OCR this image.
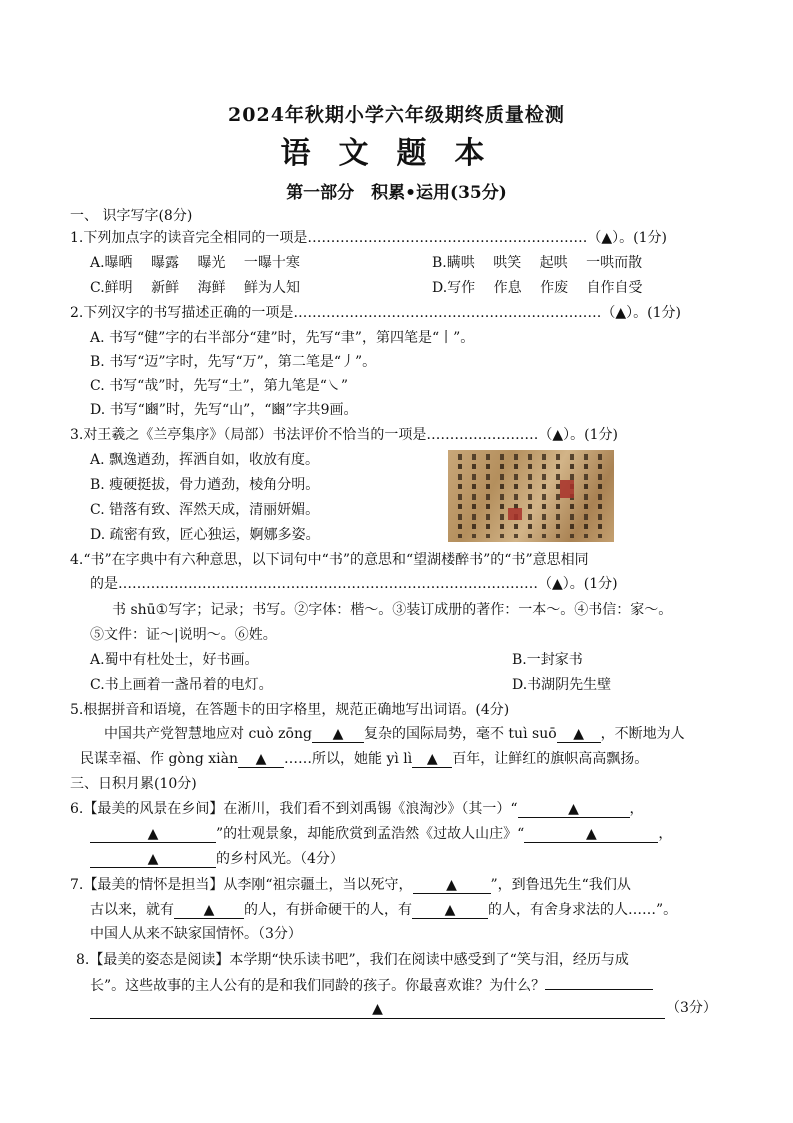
2024年秋期小学六年级期终质量检测
语文题本
第一部分　积累•运用(35分)
一、 识字写字(8分)
1.下列加点字的读音完全相同的一项是……………………………………………………（▲）。(1分)
A.曝晒　 曝露　 曝光　 一曝十寒	B.瞒哄　 哄笑　 起哄　 一哄而散
C.鲜明　 新鲜　 海鲜　 鲜为人知	D.写作　 作息　 作废　 自作自受
2.下列汉字的书写描述正确的一项是…………………………………………………………（▲）。(1分)
A. 书写“健”字的右半部分“建”时，先写“聿”，第四笔是“丨”。
B. 书写“迈”字时，先写“万”，第二笔是“丿”。
C. 书写“哉”时，先写“土”，第九笔是“㇏”
D. 书写“豳”时，先写“山”，“豳”字共9画。
3.对王羲之《兰亭集序》（局部）书法评价不恰当的一项是……………………（▲）。(1分)
A. 飘逸遒劲，挥洒自如，收放有度。
B. 瘦硬挺拔，骨力遒劲，棱角分明。
C. 错落有致、浑然天成，清丽妍媚。
D. 疏密有致，匠心独运，婀娜多姿。
4.“书”在字典中有六种意思，以下词句中“书”的意思和“望湖楼醉书”的“书”意思相同
的是………………………………………………………………………………（▲）。(1分)
书 shū①写字；记录；书写。②字体：楷～。③装订成册的著作：一本～。④书信：家～。
⑤文件：证～|说明～。⑥姓。
A.蜀中有杜处士，好书画。	B.一封家书
C.书上画着一盏吊着的电灯。	D.书湖阴先生壁
5.根据拼音和语境，在答题卡的田字格里，规范正确地写出词语。(4分)
中国共产党智慧地应对 cuò zōng ▲ 复杂的国际局势，毫不 tuì suō ▲ ，不断地为人
民谋幸福、作 gòng xiàn ▲ ……所以，她能 yì lì ▲ 百年，让鲜红的旗帜高高飘扬。
三、日积月累(10分)
6.【最美的风景在乡间】在淅川，我们看不到刘禹锡《浪淘沙》（其一）“	▲	，
▲	”的壮观景象，却能欣赏到孟浩然《过故人山庄》“	▲	，
▲	的乡村风光。（4分）
7.【最美的情怀是担当】从李刚“祖宗疆土，当以死守， ▲ ”，到鲁迅先生“我们从
古以来，就有 ▲ 的人，有拼命硬干的人，有 ▲ 的人，有舍身求法的人……”。
中国人从来不缺家国情怀。（3分）
8.【最美的姿态是阅读】本学期“快乐读书吧”，我们在阅读中感受到了“笑与泪，经历与成
长”。这些故事的主人公有的是和我们同龄的孩子。你最喜欢谁？为什么？
▲	（3分）
